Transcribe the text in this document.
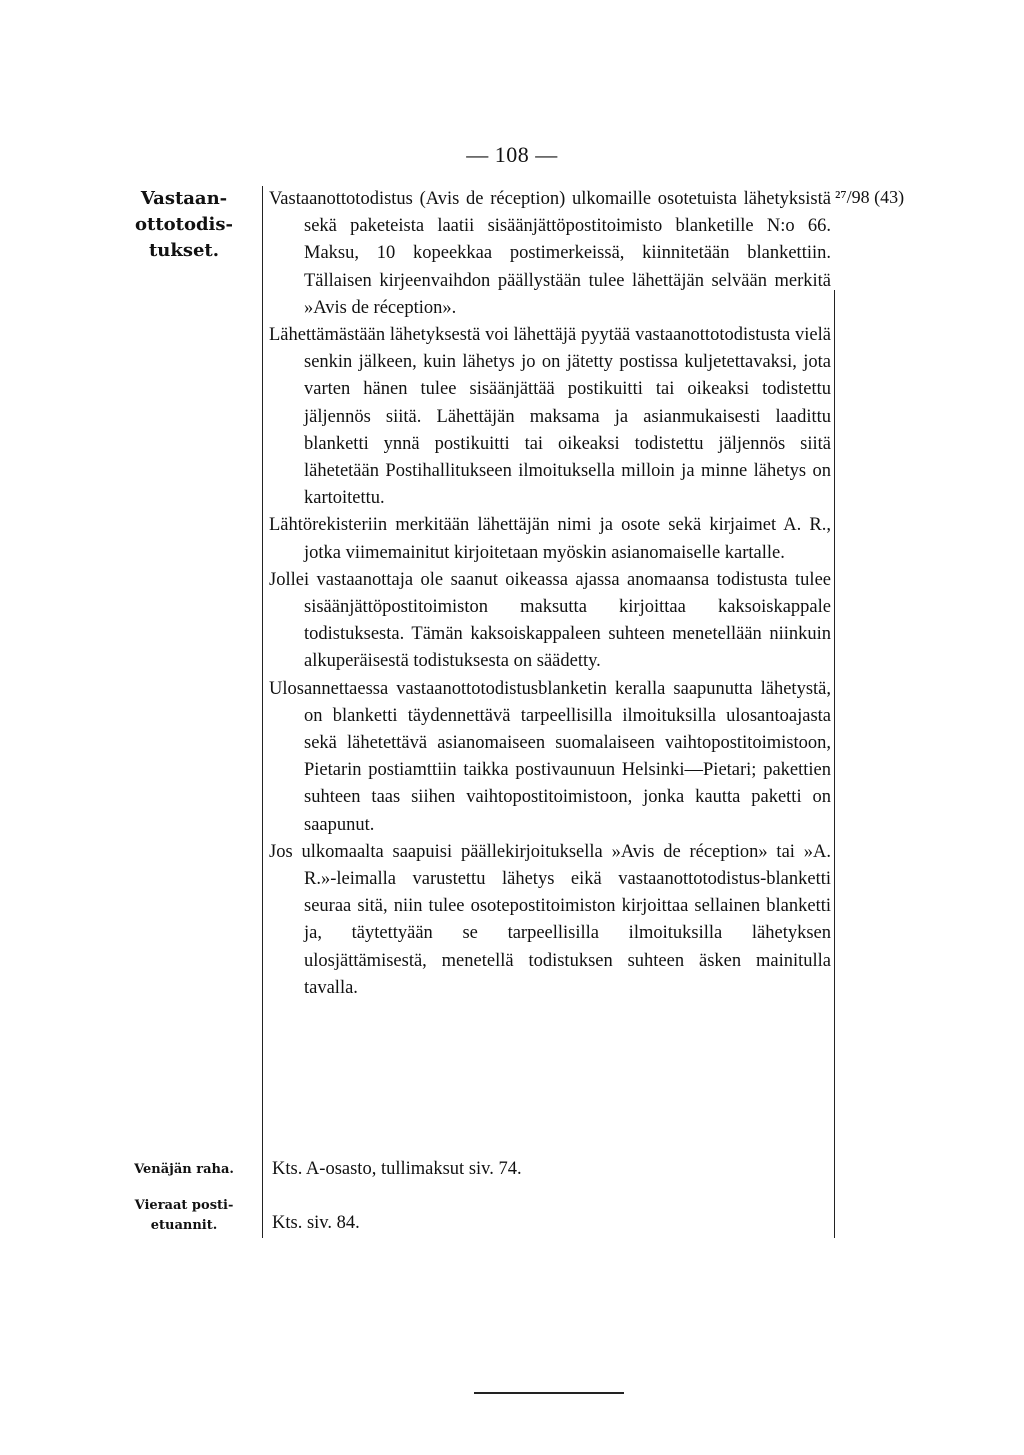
— 108 —
Vastaan-
ottotodis-
tukset.
²⁷/98 (43)

Vastaanottotodistus (Avis de réception) ulkomaille osotetuista lähetyksistä sekä paketeista laatii sisäänjättöpostitoimisto blanketille N:o 66. Maksu, 10 kopeekkaa postimerkeissä, kiinnitetään blankettiin. Tällaisen kirjeenvaihdon päällystään tulee lähettäjän selvään merkitä »Avis de réception».

Lähettämästään lähetyksestä voi lähettäjä pyytää vastaanottotodistusta vielä senkin jälkeen, kuin lähetys jo on jätetty postissa kuljetettavaksi, jota varten hänen tulee sisäänjättää postikuitti tai oikeaksi todistettu jäljennös siitä. Lähettäjän maksama ja asianmukaisesti laadittu blanketti ynnä postikuitti tai oikeaksi todistettu jäljennös siitä lähetetään Postihallitukseen ilmoituksella milloin ja minne lähetys on kartoitettu.

Lähtörekisteriin merkitään lähettäjän nimi ja osote sekä kirjaimet A. R., jotka viimemainitut kirjoitetaan myöskin asianomaiselle kartalle.

Jollei vastaanottaja ole saanut oikeassa ajassa anomaansa todistusta tulee sisäänjättöpostitoimiston maksutta kirjoittaa kaksoiskappale todistuksesta. Tämän kaksoiskappaleen suhteen menetellään niinkuin alkuperäisestä todistuksesta on säädetty.

Ulosannettaessa vastaanottotodistusblanketin keralla saapunutta lähetystä, on blanketti täydennettävä tarpeellisilla ilmoituksilla ulosantoajasta sekä lähetettävä asianomaiseen suomalaiseen vaihtopostitoimistoon, Pietarin postiamttiin taikka postivaunuun Helsinki—Pietari; pakettien suhteen taas siihen vaihtopostitoimistoon, jonka kautta paketti on saapunut.

Jos ulkomaalta saapuisi päällekirjoituksella »Avis de réception» tai »A. R.»-leimalla varustettu lähetys eikä vastaanottotodistus-blanketti seuraa sitä, niin tulee osotepostitoimiston kirjoittaa sellainen blanketti ja, täytettyään se tarpeellisilla ilmoituksilla lähetyksen ulosjättämisestä, menetellä todistuksen suhteen äsken mainitulla tavalla.

Venäjän raha.	Kts. A-osasto, tullimaksut siv. 74.
Vieraat posti-
etuannit.	Kts. siv. 84.
